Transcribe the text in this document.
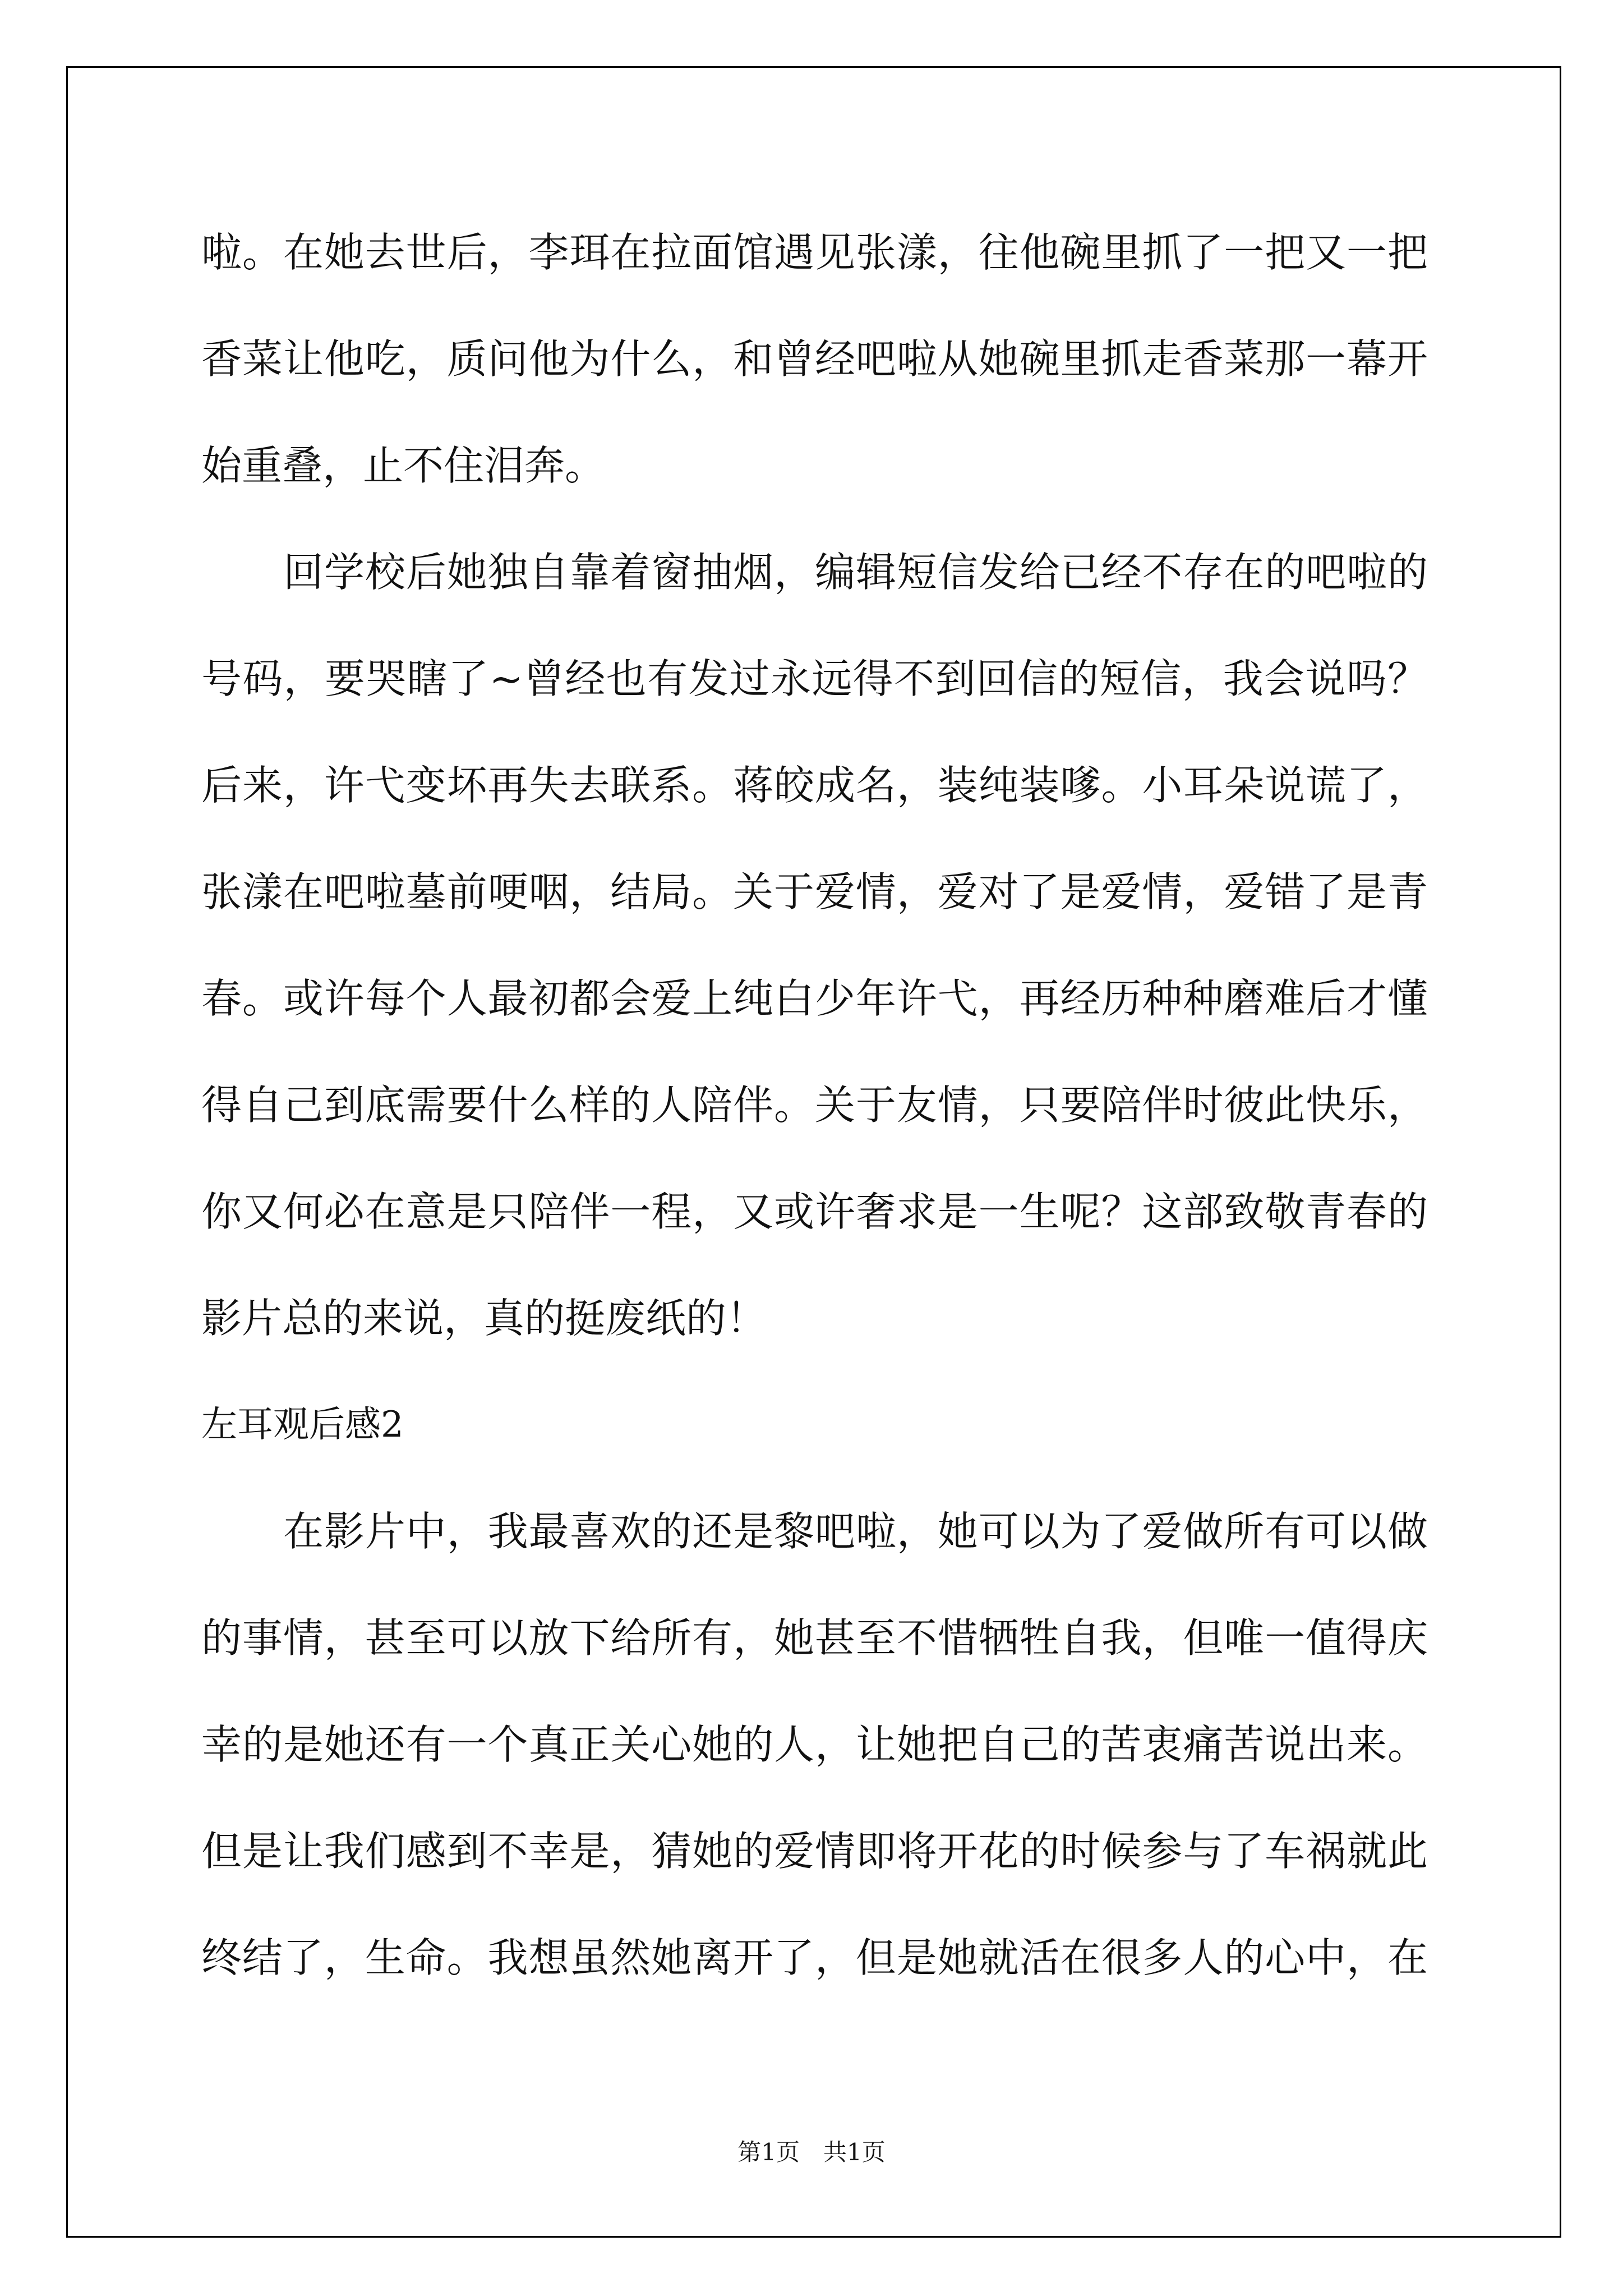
啦。在她去世后，李珥在拉面馆遇见张漾，往他碗里抓了一把又一把
香菜让他吃，质问他为什么，和曾经吧啦从她碗里抓走香菜那一幕开
始重叠，止不住泪奔。
回学校后她独自靠着窗抽烟，编辑短信发给已经不存在的吧啦的
号码，要哭瞎了~曾经也有发过永远得不到回信的短信，我会说吗？
后来，许弋变坏再失去联系。蒋皎成名，装纯装嗲。小耳朵说谎了，
张漾在吧啦墓前哽咽，结局。关于爱情，爱对了是爱情，爱错了是青
春。或许每个人最初都会爱上纯白少年许弋，再经历种种磨难后才懂
得自己到底需要什么样的人陪伴。关于友情，只要陪伴时彼此快乐，
你又何必在意是只陪伴一程，又或许奢求是一生呢？这部致敬青春的
影片总的来说，真的挺废纸的！
左耳观后感2
在影片中，我最喜欢的还是黎吧啦，她可以为了爱做所有可以做
的事情，甚至可以放下给所有，她甚至不惜牺牲自我，但唯一值得庆
幸的是她还有一个真正关心她的人，让她把自己的苦衷痛苦说出来。
但是让我们感到不幸是，猜她的爱情即将开花的时候参与了车祸就此
终结了，生命。我想虽然她离开了，但是她就活在很多人的心中，在
第1页　共1页
